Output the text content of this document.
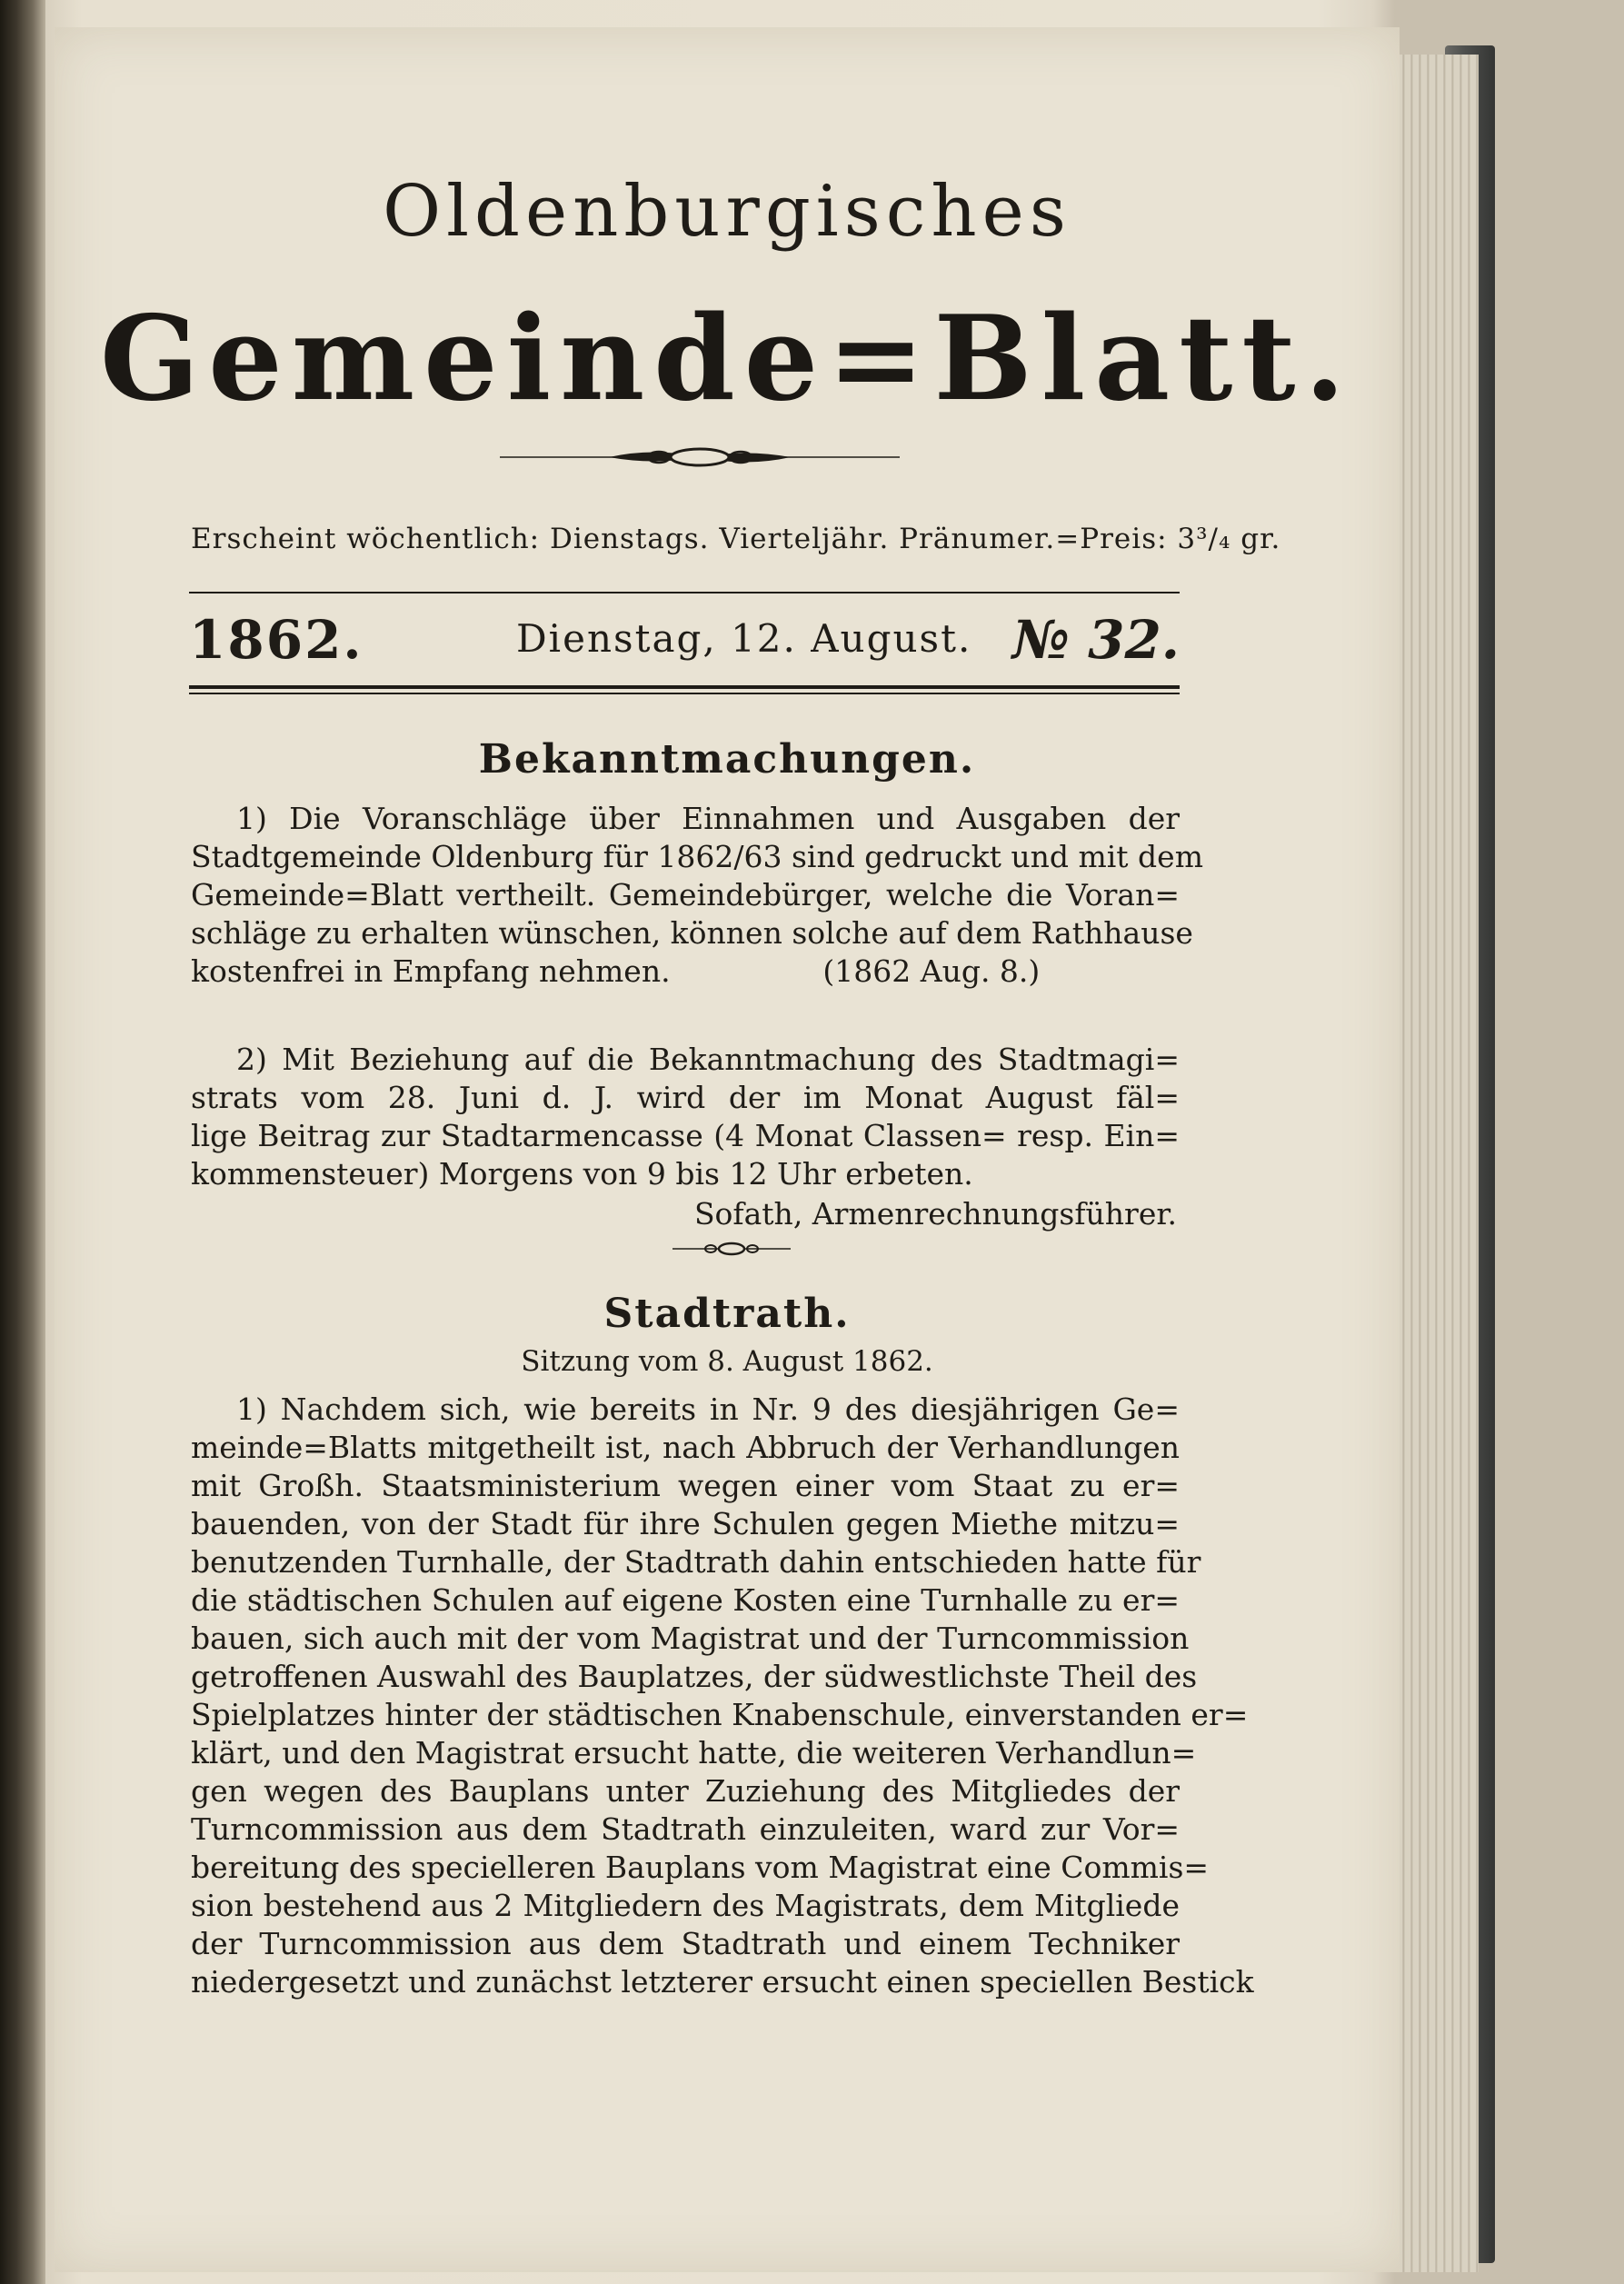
Oldenburgisches
Gemeinde=Blatt.
Erscheint wöchentlich: Dienstags. Vierteljähr. Pränumer.=Preis: 3³/₄ gr.
1862.	Dienstag, 12. August. № 32.
Bekanntmachungen.
1) Die Voranschläge über Einnahmen und Ausgaben der
Stadtgemeinde Oldenburg für 1862/63 sind gedruckt und mit dem
Gemeinde=Blatt vertheilt. Gemeindebürger, welche die Voran=
schläge zu erhalten wünschen, können solche auf dem Rathhause
kostenfrei in Empfang nehmen.                (1862 Aug. 8.)
2) Mit Beziehung auf die Bekanntmachung des Stadtmagi=
strats vom 28. Juni d. J. wird der im Monat August fäl=
lige Beitrag zur Stadtarmencasse (4 Monat Classen= resp. Ein=
kommensteuer) Morgens von 9 bis 12 Uhr erbeten.
Sofath, Armenrechnungsführer.
Stadtrath.
Sitzung vom 8. August 1862.
1) Nachdem sich, wie bereits in Nr. 9 des diesjährigen Ge=
meinde=Blatts mitgetheilt ist, nach Abbruch der Verhandlungen
mit Großh. Staatsministerium wegen einer vom Staat zu er=
bauenden, von der Stadt für ihre Schulen gegen Miethe mitzu=
benutzenden Turnhalle, der Stadtrath dahin entschieden hatte für
die städtischen Schulen auf eigene Kosten eine Turnhalle zu er=
bauen, sich auch mit der vom Magistrat und der Turncommission
getroffenen Auswahl des Bauplatzes, der südwestlichste Theil des
Spielplatzes hinter der städtischen Knabenschule, einverstanden er=
klärt, und den Magistrat ersucht hatte, die weiteren Verhandlun=
gen wegen des Bauplans unter Zuziehung des Mitgliedes der
Turncommission aus dem Stadtrath einzuleiten, ward zur Vor=
bereitung des specielleren Bauplans vom Magistrat eine Commis=
sion bestehend aus 2 Mitgliedern des Magistrats, dem Mitgliede
der Turncommission aus dem Stadtrath und einem Techniker
niedergesetzt und zunächst letzterer ersucht einen speciellen Bestick
